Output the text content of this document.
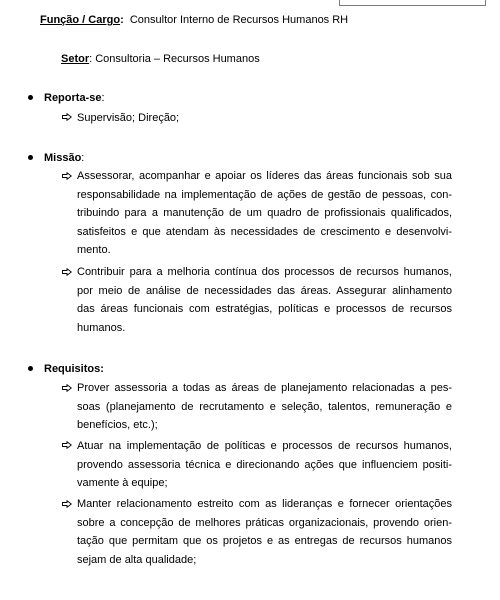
Função / Cargo: Consultor Interno de Recursos Humanos RH
Setor: Consultoria – Recursos Humanos
Reporta-se:
Supervisão; Direção;
Missão:
Assessorar, acompanhar e apoiar os líderes das áreas funcionais sob sua
responsabilidade na implementação de ações de gestão de pessoas, con-
tribuindo para a manutenção de um quadro de profissionais qualificados,
satisfeitos e que atendam às necessidades de crescimento e desenvolvi-
mento.
Contribuir para a melhoria contínua dos processos de recursos humanos,
por meio de análise de necessidades das áreas. Assegurar alinhamento
das áreas funcionais com estratégias, políticas e processos de recursos
humanos.
Requisitos:
Prover assessoria a todas as áreas de planejamento relacionadas a pes-
soas (planejamento de recrutamento e seleção, talentos, remuneração e
benefícios, etc.);
Atuar na implementação de políticas e processos de recursos humanos,
provendo assessoria técnica e direcionando ações que influenciem positi-
vamente à equipe;
Manter relacionamento estreito com as lideranças e fornecer orientações
sobre a concepção de melhores práticas organizacionais, provendo orien-
tação que permitam que os projetos e as entregas de recursos humanos
sejam de alta qualidade;
